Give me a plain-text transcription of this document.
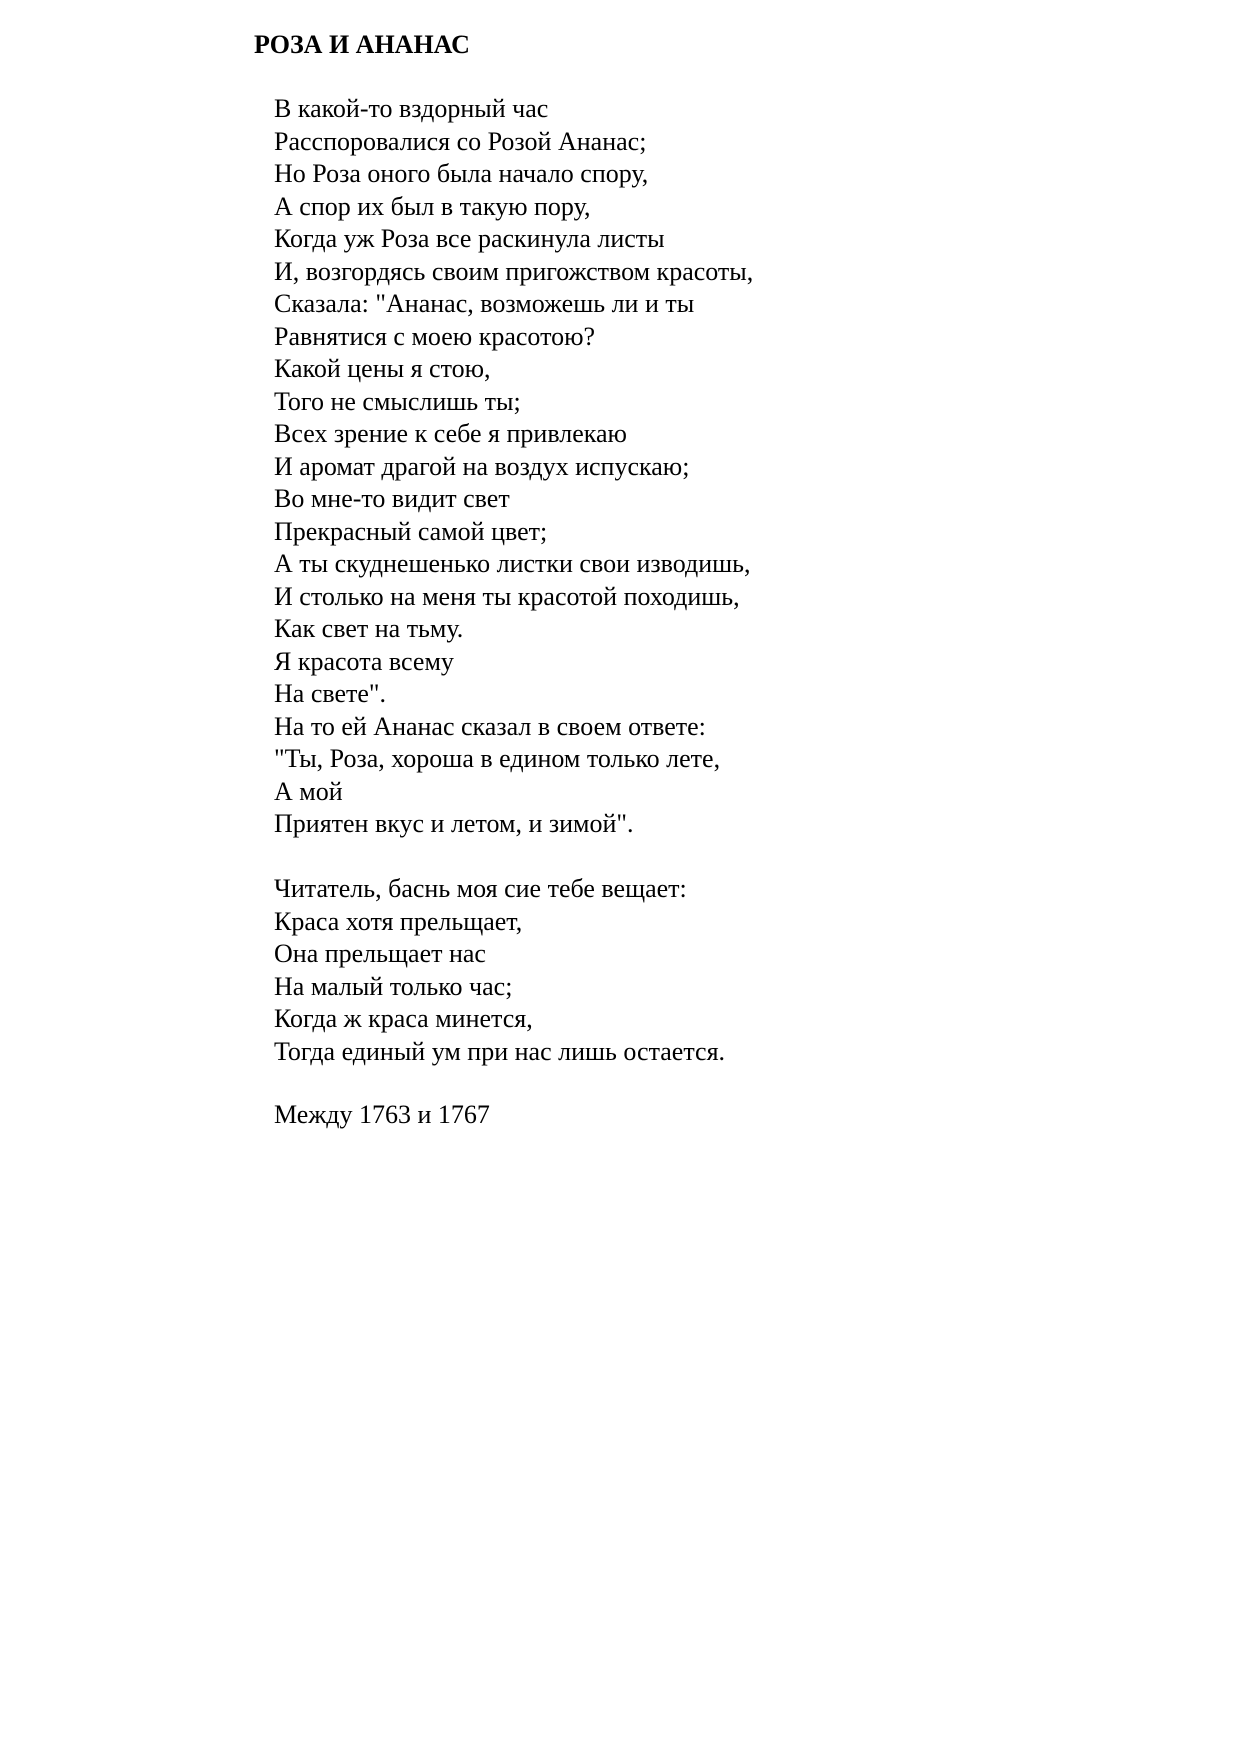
РОЗА И АНАНАС
В какой-то вздорный час
Расспоровалися со Розой Ананас;
Но Роза оного была начало спору,
А спор их был в такую пору,
Когда уж Роза все раскинула листы
И, возгордясь своим пригожством красоты,
Сказала: "Ананас, возможешь ли и ты
Равнятися с моею красотою?
Какой цены я стою,
Того не смыслишь ты;
Всех зрение к себе я привлекаю
И аромат драгой на воздух испускаю;
Во мне-то видит свет
Прекрасный самой цвет;
А ты скуднешенько листки свои изводишь,
И столько на меня ты красотой походишь,
Как свет на тьму.
Я красота всему
На свете".
На то ей Ананас сказал в своем ответе:
"Ты, Роза, хороша в едином только лете,
А мой
Приятен вкус и летом, и зимой".
Читатель, баснь моя сие тебе вещает:
Краса хотя прельщает,
Она прельщает нас
На малый только час;
Когда ж краса минется,
Тогда единый ум при нас лишь остается.

Между 1763 и 1767
